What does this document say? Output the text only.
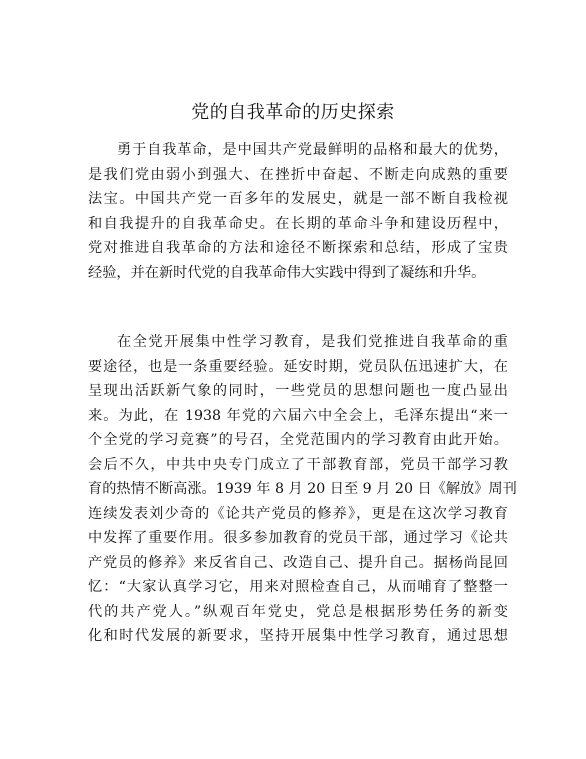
党的自我革命的历史探索
勇于自我革命，是中国共产党最鲜明的品格和最大的优势，
是我们党由弱小到强大、在挫折中奋起、不断走向成熟的重要
法宝。中国共产党一百多年的发展史，就是一部不断自我检视
和自我提升的自我革命史。在长期的革命斗争和建设历程中，
党对推进自我革命的方法和途径不断探索和总结，形成了宝贵
经验，并在新时代党的自我革命伟大实践中得到了凝练和升华。
在全党开展集中性学习教育，是我们党推进自我革命的重
要途径，也是一条重要经验。延安时期，党员队伍迅速扩大，在
呈现出活跃新气象的同时，一些党员的思想问题也一度凸显出
来。为此，在 1938 年党的六届六中全会上，毛泽东提出“来一
个全党的学习竞赛”的号召，全党范围内的学习教育由此开始。
会后不久，中共中央专门成立了干部教育部，党员干部学习教
育的热情不断高涨。1939 年 8 月 20 日至 9 月 20 日《解放》周刊
连续发表刘少奇的《论共产党员的修养》，更是在这次学习教育
中发挥了重要作用。很多参加教育的党员干部，通过学习《论共
产党员的修养》来反省自己、改造自己、提升自己。据杨尚昆回
忆：“大家认真学习它，用来对照检查自己，从而哺育了整整一
代的共产党人。”纵观百年党史，党总是根据形势任务的新变
化和时代发展的新要求，坚持开展集中性学习教育，通过思想
